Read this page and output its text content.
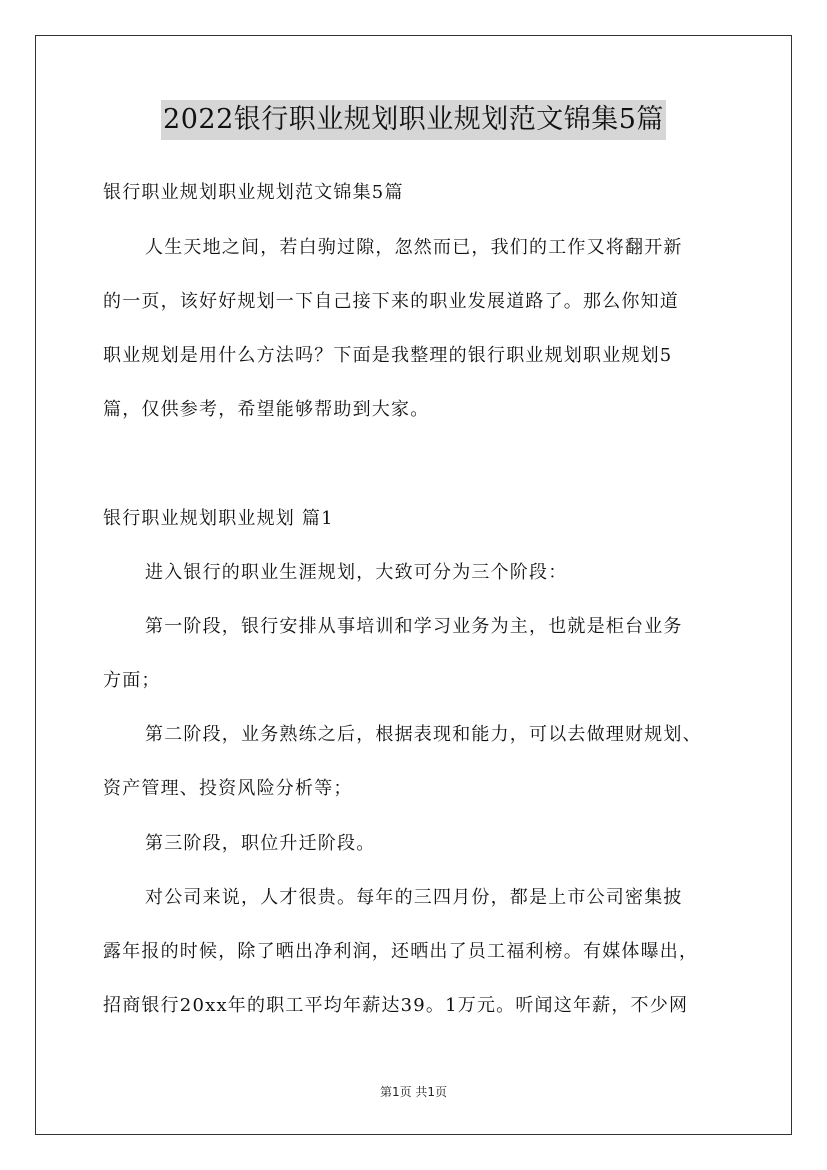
2022银行职业规划职业规划范文锦集5篇
银行职业规划职业规划范文锦集5篇
人生天地之间，若白驹过隙，忽然而已，我们的工作又将翻开新
的一页，该好好规划一下自己接下来的职业发展道路了。那么你知道
职业规划是用什么方法吗？下面是我整理的银行职业规划职业规划5
篇，仅供参考，希望能够帮助到大家。
银行职业规划职业规划 篇1
进入银行的职业生涯规划，大致可分为三个阶段：
第一阶段，银行安排从事培训和学习业务为主，也就是柜台业务
方面；
第二阶段，业务熟练之后，根据表现和能力，可以去做理财规划、
资产管理、投资风险分析等；
第三阶段，职位升迁阶段。
对公司来说，人才很贵。每年的三四月份，都是上市公司密集披
露年报的时候，除了晒出净利润，还晒出了员工福利榜。有媒体曝出，
招商银行20xx年的职工平均年薪达39。1万元。听闻这年薪，不少网
第1页 共1页
